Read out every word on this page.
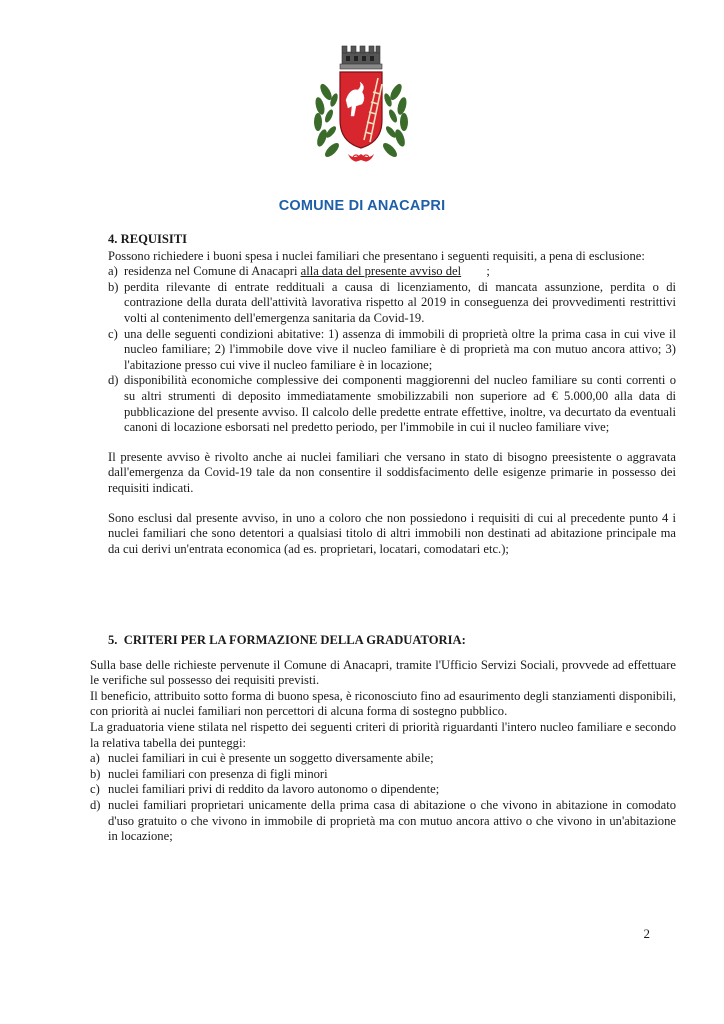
COMUNE DI ANACAPRI
4. REQUISITI

Possono richiedere i buoni spesa i nuclei familiari che presentano i seguenti requisiti, a pena di esclusione:

a) residenza nel Comune di Anacapri alla data del presente avviso del        ;
b) perdita rilevante di entrate reddituali a causa di licenziamento, di mancata assunzione, perdita o di contrazione della durata dell'attività lavorativa rispetto al 2019 in conseguenza dei provvedimenti restrittivi volti al contenimento dell'emergenza sanitaria da Covid-19.
c) una delle seguenti condizioni abitative: 1) assenza di immobili di proprietà oltre la prima casa in cui vive il nucleo familiare; 2) l'immobile dove vive il nucleo familiare è di proprietà ma con mutuo ancora attivo; 3) l'abitazione presso cui vive il nucleo familiare è in locazione;
d) disponibilità economiche complessive dei componenti maggiorenni del nucleo familiare su conti correnti o su altri strumenti di deposito immediatamente smobilizzabili non superiore ad € 5.000,00 alla data di pubblicazione del presente avviso. Il calcolo delle predette entrate effettive, inoltre, va decurtato da eventuali canoni di locazione esborsati nel predetto periodo, per l'immobile in cui il nucleo familiare vive;

Il presente avviso è rivolto anche ai nuclei familiari che versano in stato di bisogno preesistente o aggravata dall'emergenza da Covid-19 tale da non consentire il soddisfacimento delle esigenze primarie in possesso dei requisiti indicati.

Sono esclusi dal presente avviso, in uno a coloro che non possiedono i requisiti di cui al precedente punto 4 i nuclei familiari che sono detentori a qualsiasi titolo di altri immobili non destinati ad abitazione principale ma da cui derivi un'entrata economica (ad es. proprietari, locatari, comodatari etc.);

5.  CRITERI PER LA FORMAZIONE DELLA GRADUATORIA:

Sulla base delle richieste pervenute il Comune di Anacapri, tramite l'Ufficio Servizi Sociali, provvede ad effettuare le verifiche sul possesso dei requisiti previsti.

Il beneficio, attribuito sotto forma di buono spesa, è riconosciuto fino ad esaurimento degli stanziamenti disponibili, con priorità ai nuclei familiari non percettori di alcuna forma di sostegno pubblico.

La graduatoria viene stilata nel rispetto dei seguenti criteri di priorità riguardanti l'intero nucleo familiare e secondo la relativa tabella dei punteggi:

a) nuclei familiari in cui è presente un soggetto diversamente abile;
b) nuclei familiari con presenza di figli minori
c) nuclei familiari privi di reddito da lavoro autonomo o dipendente;
d) nuclei familiari proprietari unicamente della prima casa di abitazione o che vivono in abitazione in comodato d'uso gratuito o che vivono in immobile di proprietà ma con mutuo ancora attivo o che vivono in un'abitazione in locazione;
2
